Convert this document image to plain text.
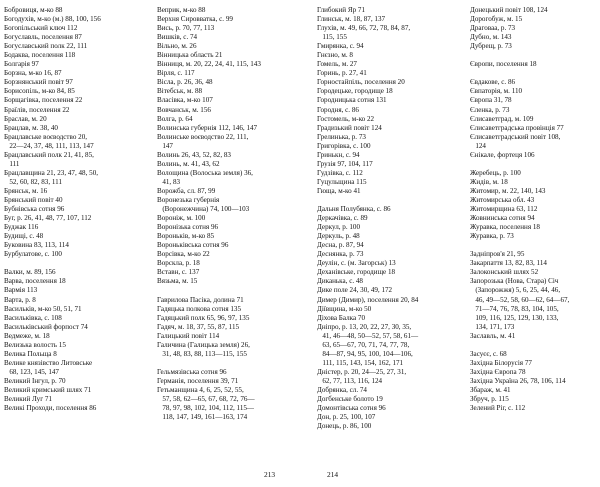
Бобровиця, м-ко 88
Богодухів, м-ко (м.) 88, 100, 156
Богопільський ключ 112
Богуславль, поселення 87
Богуславський полк 22, 111
Бодаква, поселення 118
Болгарія 97
Борзна, м-ко 16, 87
Борзнянський повіт 97
Борисопіль, м-ко 84, 85
Борщагівка, поселення 22
Браїлів, поселення 22
Браслав, м. 20
Брацлав, м. 38, 40
Брацлавське воєводство 20,
22—24, 37, 48, 111, 113, 147
Брацлавський полк 21, 41, 85,
111
Брацлавщина 21, 23, 47, 48, 50,
52, 60, 82, 83, 111
Брянськ, м. 16
Брянський повіт 40
Бубнівська сотня 96
Буг, р. 26, 41, 48, 77, 107, 112
Буджак 116
Будищі, с. 48
Буковина 83, 113, 114
Бурбулатове, с. 100
Валки, м. 89, 156
Варва, поселення 18
Вармія 113
Варта, р. 8
Васильків, м-ко 50, 51, 71
Васильківка, с. 108
Васильківський форпост 74
Ведмеже, м. 18
Велизька волость 15
Велика Польща 8
Велике князівство Литовське
68, 123, 145, 147
Великий Інгул, р. 70
Великий кримський шлях 71
Великий Луг 71
Великі Проходи, поселення 86
Веприк, м-ко 88
Верхня Сировватка, с. 99
Вись, р. 70, 77, 113
Вишків, с. 74
Вільно, м. 26
Вінницька область 21
Вінниця, м. 20, 22, 24, 41, 115, 143
Вірля, с. 117
Вісла, р. 26, 36, 48
Вітебськ, м. 88
Власівка, м-ко 107
Вовчанськ, м. 156
Волга, р. 64
Волинська губернія 112, 146, 147
Волинське воєводство 22, 111,
147
Волинь 26, 43, 52, 82, 83
Волинь, м. 41, 43, 62
Волощина (Волоська земля) 36,
41, 83
Ворожба, сл. 87, 99
Воронезька губернія
(Воронежчина) 74, 100—103
Вороніж, м. 100
Воронізька сотня 96
Вороньків, м-ко 85
Вороньківська сотня 96
Ворсівка, м-ко 22
Ворскла, р. 18
Вставн, с. 137
Вязьма, м. 15
Гаврилова Пасіка, долина 71
Гадяцька полкова сотня 135
Гадяцький полк 65, 96, 97, 135
Гадяч, м. 18, 37, 55, 87, 115
Галицький повіт 114
Галичина (Галицька земля) 26,
31, 48, 83, 88, 113—115, 155
Гельмязівська сотня 96
Германія, поселення 39, 71
Гетьманщина 4, 6, 25, 52, 55,
57, 58, 62—65, 67, 68, 72, 76—
78, 97, 98, 102, 104, 112, 115—
118, 147, 149, 161—163, 174
Глибокий Яр 71
Глинськ, м. 18, 87, 137
Глухів, м. 49, 66, 72, 78, 84, 87,
115, 155
Гмирянка, с. 94
Гнєзно, м. 8
Гомель, м. 27
Горинь, р. 27, 41
Горностайпіль, поселення 20
Городецьке, городище 18
Городницька сотня 131
Городня, с. 86
Гостомель, м-ко 22
Градизький повіт 124
Грелинька, р. 73
Григорівка, с. 100
Гринькн, с. 94
Грузія 97, 104, 117
Гудзівка, с. 112
Гуцульщина 115
Гюща, м-ко 41
Дальня Полубянка, с. 86
Деркачівка, с. 89
Деркул, р. 100
Деркуль, р. 48
Десна, р. 87, 94
Деснянка, р. 73
Деулін, с. (м. Загорськ) 13
Деханівське, городище 18
Диканька, с. 48
Дике поле 24, 30, 49, 172
Димер (Димир), поселення 20, 84
Діївщина, м-ко 50
Діхова Балка 70
Дніпро, р. 13, 20, 22, 27, 30, 35,
41, 46—48, 50—52, 57, 58, 61—
63, 65—67, 70, 71, 74, 77, 78,
84—87, 94, 95, 100, 104—106,
111, 115, 143, 154, 162, 171
Дністер, р. 20, 24—25, 27, 31,
62, 77, 113, 116, 124
Добрянка, сл. 74
Догбенське болото 19
Домонтівська сотня 96
Дон, р. 25, 100, 107
Донець, р. 86, 100
Донецький повіт 108, 124
Дорогобуж, м. 15
Драговаа, р. 73
Дубно, м. 143
Дубрещ, р. 73
Європи, поселення 18
Євдакове, с. 86
Євпаторія, м. 110
Європа 31, 78
Єленка, р. 73
Єлисаветград, м. 109
Єлисаветградська провінція 77
Єлисаветградський повіт 108,
124
Єнікале, фортеця 106
Жеребець, р. 100
Жидів, м. 18
Житомир, м. 22, 140, 143
Житомирська обл. 43
Житомирщина 63, 112
Жовнинська сотня 94
Журавка, поселення 18
Журавка, р. 73
Задніпров'я 21, 95
Закарпаття 13, 82, 83, 114
Залоконський шлях 52
Запорозька (Нова, Стара) Січ
(Запорожжя) 5, 6, 25, 44, 46,
46, 49—52, 58, 60—62, 64—67,
71—74, 76, 78, 83, 104, 105,
109, 116, 125, 129, 130, 133,
134, 171, 173
Заславль, м. 41
Засуєє, с. 68
Західна Білорусія 77
Західна Європа 78
Західна Україна 26, 78, 106, 114
Збараж, м. 41
Збруч, р. 115
Зелений Ріг, с. 112
213	214
